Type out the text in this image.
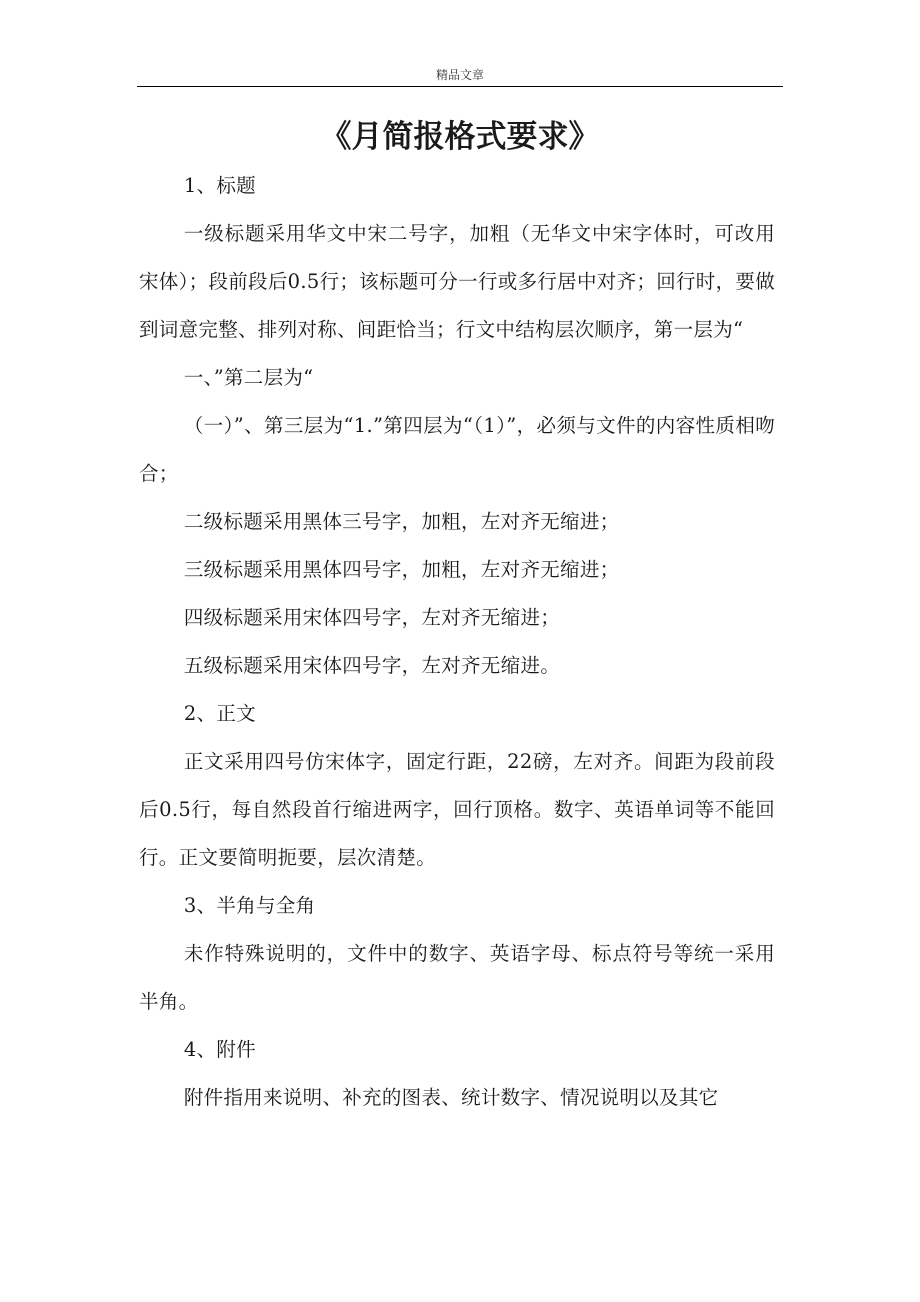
精品文章
《月简报格式要求》

1、标题

一级标题采用华文中宋二号字，加粗（无华文中宋字体时，可改用宋体）；段前段后0.5行；该标题可分一行或多行居中对齐；回行时，要做到词意完整、排列对称、间距恰当；行文中结构层次顺序，第一层为“

一、”第二层为“

（一）”、第三层为“1.”第四层为“（1）”，必须与文件的内容性质相吻合；

二级标题采用黑体三号字，加粗，左对齐无缩进；

三级标题采用黑体四号字，加粗，左对齐无缩进；

四级标题采用宋体四号字，左对齐无缩进；

五级标题采用宋体四号字，左对齐无缩进。

2、正文

正文采用四号仿宋体字，固定行距，22磅，左对齐。间距为段前段后0.5行，每自然段首行缩进两字，回行顶格。数字、英语单词等不能回行。正文要简明扼要，层次清楚。

3、半角与全角

未作特殊说明的，文件中的数字、英语字母、标点符号等统一采用半角。

4、附件

附件指用来说明、补充的图表、统计数字、情况说明以及其它
